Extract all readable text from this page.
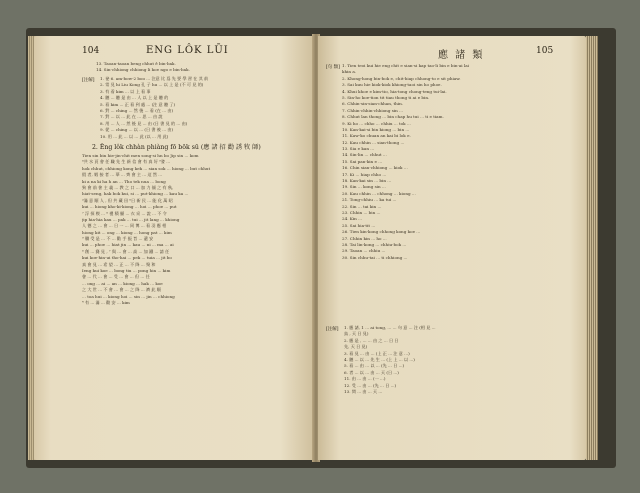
104	ENG LÔK LŪI
13. Taoan-taoan beng chhut ê bin-bak.
14. Sin-chhiong chhiong li koe ngo e bin-bak.
[注解] 1. 祕 6. am-bow-2 boo ... 注意 比 爲 先 要 學 習 在 其 前
2. 常 見 hi Liu Kong 孔 子 hu ... 以 上 是 (不 可 見 的)
3. 有 看 kim ... 以 上 看 事
4. 聽 ... 聽 是 由 ... 人 以 上 是 聽 的
5. 看 kim ... 正 看 到 處 ... (注 意 聽 了)
6. 對 ... ching ... 然 後 ... 看 (在 ... 由)
7. 對 ... 以 ... 此 在 ... 思 ... 由 說
8. 用 ... 人 ... 然 後 見 ... 由 (日 書 見 的 ... 由)
9. 從 ... ching ... 以 ... (日 書 被 ... 由)
10. 用 ... 此 ... 以 ... 此 (以 ... 用 此)
2. Êng lôk chhàn phiàng fō bōk sū (應 諸 招 勸 誘 牧 師)
Tien sin bin hie-jin-chit men song-si hn bo Jip sin ... kom
⁸共 水 頁 會 任 職 先 生 新 信 會 有 真 好 ⁹發 ...
hok chhut, chhiong kong kek ... sian sok ... hiong ... but chhut
假 者, 姻 接 者 ... 華 ... 齊 會 主 ... 這 然 ...
ki a na ki ha h an ... Tho tek nua ... bong
狗 會 前 會 主 義 ... 教 之 口 ... 加 力 傾 之 有 秋,
hiat-seng, hak bok kui, si ... put-khiong ... kau ka ...
⁵滿 意 順 人 , 但 共 藏 田 ⁶日 新 民 ... 能 化 萬 昭
kui ... hiong kho-ki-kiong ... hoi ... phoe ... put
⁷ 浮 探 楔 ... ⁸ 禮 積 顯 ... 衣 采 ... 說 ... 不 令
jip hia-hia kau ... pak ... tui ... jit lang ... khiong
人 德 之 ... 會 ... 日 一 ... 同 博 ... 看 羽 應 相
hiong kit ... ong ... kiong ... hong pat ... kim
⁹ 纖 受 是 ... 不 ... 勸 手 振 旨 ... 遺 安
kui ... phoe ... hiat jin ... kau ... ni ... ma ... ai
⁶ 創 ... 賽 見 , ⁷ 與 ... 會 ... 高 ... 加 鐵 ... 請 任
kui koe-hin-ui tho-hai ... pek ... tuia ... jit bo
真 會 見 ... 希 望 ... 正 ... 不 降 ... 聚 和
Ieng kui koe ... bong tiu ... pong hin ... kim
會 ... 代 ... 會 ... 受 ... 會 ... 但 ... 任
... ong ... ai ... an ... kiong ... hak ... koe
之 大 世 ... 不 會 ... 會 ... 之 降 ... 濟 此 順
... toa hui ... kiong hoi ... sin ... jin ... chhiong
⁴ 有 ... 滿 ... 勸 安 ... kim
應 諸 類	105
[句 類] 1. Tien teoi kui hie eng chit e sian-si kap tao-li bin e bin-ai lai
khin a.
2. Khong-hong bin-bok e, chit-hiap chhong-to e sit phiaw.
3. Sai kuu hie kiok-kiok khiong-taoi sin ho phoe.
4. Khui khoe e kim-tio, hia-tong chong-teng tui-lai.
5. Sin-ho koe-tion tit tiau thong ti ai e bin.
6. Chhin-sin-sian-chhan, thin.
7. Chhin-chhin-chhiong sin ...
8. Chhut lan thong ... bin chap hu tui ... ti e tiam.
9. Ki ho ... chho ... chhiu ... tok ...
10. Kan-kai-si bin kiong ... bin ...
11. Kaw-ko chuan an kai bi lok e.
12. Kau chhin ... sian-thong ...
13. Sia e kan ...
14. Sin-lin ... chhut ...
15. Sai pan-kin e ...
16. Chin sian-chhiong ... kiok ...
17. Ki ... hiap chho ...
18. Kan-kai sin ... bin ...
19. Sin ... kong sin ...
20. Kau chhin ... chhong ... kiong ...
21. Tong-chhiu ... ka tui ...
22. Sin ... tai kin ...
23. Chhin ... bin ...
24. Kin ...
25. Sai hia-tit ...
26. Tien kin-kong chhong kong koe ...
27. Chhin kin ... ho ...
28. Tai lin-kong ... chhiu-bok ...
29. Taoan ... chhiu ...
30. Sin chhu-tai ... ti chhiong ...
[注解] 1. 應 諸, 1 ... ai tong, ... ... 句 意 ... 注 (相 見 ...
鳥 , 天 日 見)
2. 應 是 , ... ... 由 之 ... 日 日
先, 天 日 見)
3. 看 見 ... 由 ... (上 正 ... 注 意 ...)
4. 聽 ... 以 ... 先 生 ... (上 上 ... 以 ...)
5. 看 ... 由 ... 以 ... (先 ... 日 ...)
6. 者 ... 以 ... 由 ... 天 (日 ...)
11. 由 ... 由 ... (一 ...)
12. 受 ... 由 ... (先 ... 日 ...)
13. 問 ... 由 ... 天 ...
